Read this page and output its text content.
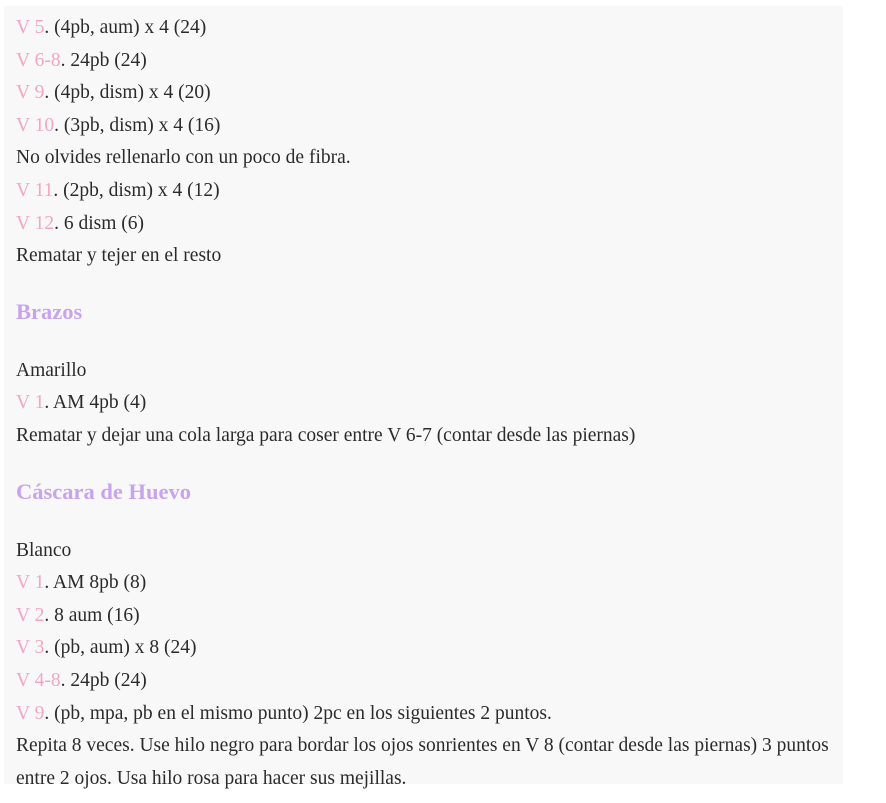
V 5. (4pb, aum) x 4 (24)
V 6-8. 24pb (24)
V 9. (4pb, dism) x 4 (20)
V 10. (3pb, dism) x 4 (16)
No olvides rellenarlo con un poco de fibra.
V 11. (2pb, dism) x 4 (12)
V 12. 6 dism (6)
Rematar y tejer en el resto
Brazos
Amarillo
V 1. AM 4pb (4)
Rematar y dejar una cola larga para coser entre V 6-7 (contar desde las piernas)
Cáscara de Huevo
Blanco
V 1. AM 8pb (8)
V 2. 8 aum (16)
V 3. (pb, aum) x 8 (24)
V 4-8. 24pb (24)
V 9. (pb, mpa, pb en el mismo punto) 2pc en los siguientes 2 puntos.
Repita 8 veces. Use hilo negro para bordar los ojos sonrientes en V 8 (contar desde las piernas) 3 puntos entre 2 ojos. Usa hilo rosa para hacer sus mejillas.
